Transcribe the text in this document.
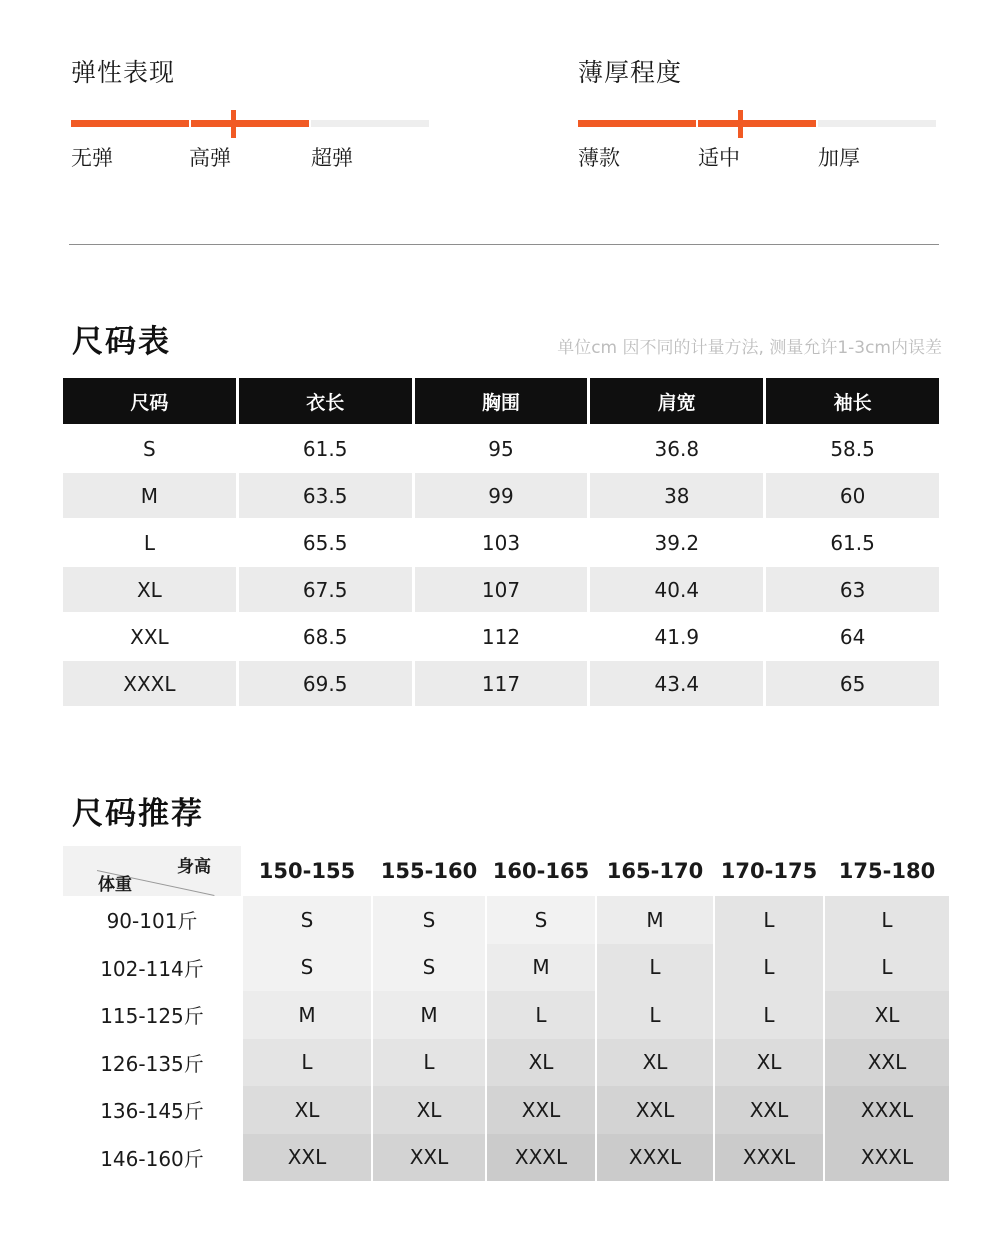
弹性表现
无弹	高弹	超弹
薄厚程度
薄款	适中	加厚
尺码表	单位cm 因不同的计量方法, 测量允许1-3cm内误差
尺码	衣长	胸围	肩宽	袖长
S	61.5	95	36.8	58.5
M	63.5	99	38	60
L	65.5	103	39.2	61.5
XL	67.5	107	40.4	63
XXL	68.5	112	41.9	64
XXXL	69.5	117	43.4	65
尺码推荐
身高
体重	150-155	155-160	160-165	165-170	170-175	175-180
90-101斤	S	S	S	M	L	L
102-114斤	S	S	M	L	L	L
115-125斤	M	M	L	L	L	XL
126-135斤	L	L	XL	XL	XL	XXL
136-145斤	XL	XL	XXL	XXL	XXL	XXXL
146-160斤	XXL	XXL	XXXL	XXXL	XXXL	XXXL
